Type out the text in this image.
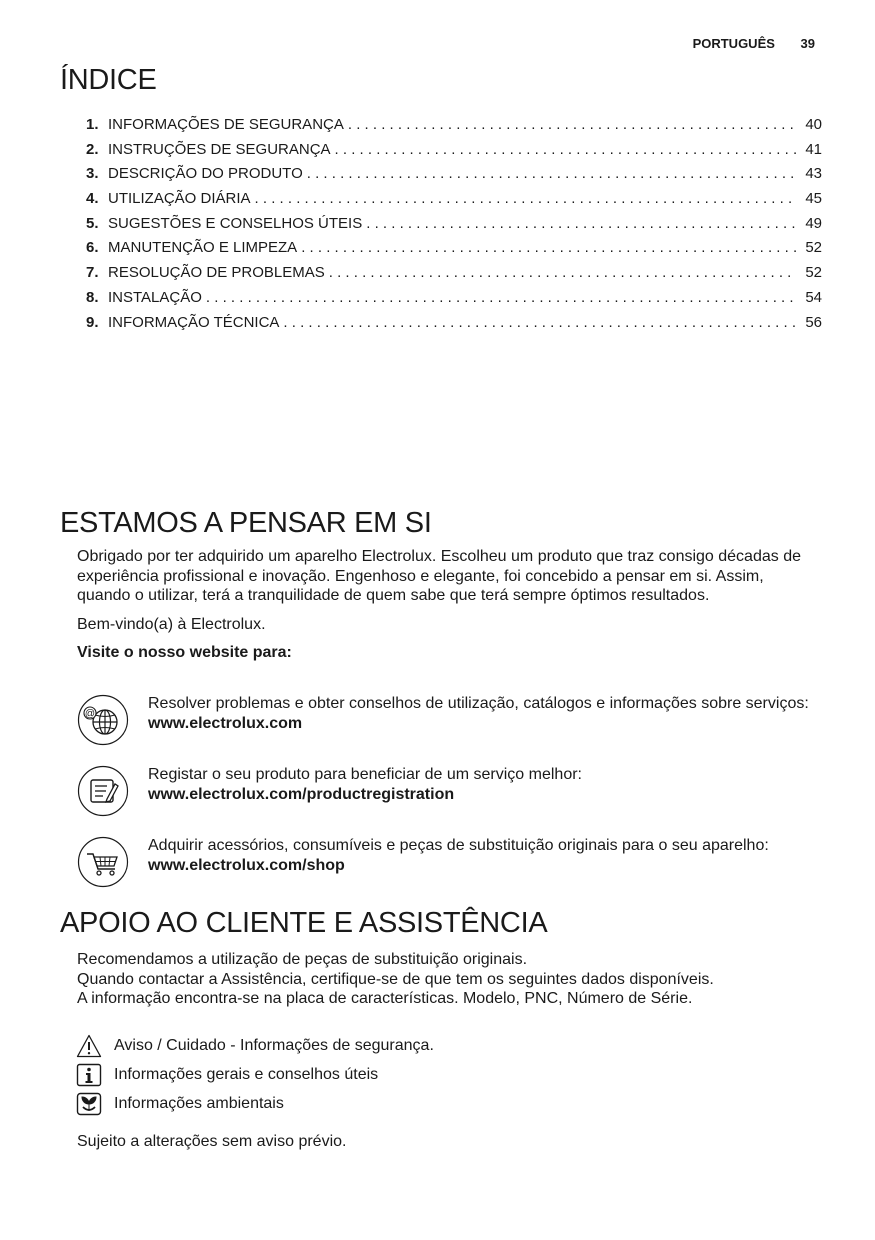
PORTUGUÊS 39
ÍNDICE
1. INFORMAÇÕES DE SEGURANÇA . . .	40
2. INSTRUÇÕES DE SEGURANÇA . . .	41
3. DESCRIÇÃO DO PRODUTO . . .	43
4. UTILIZAÇÃO DIÁRIA . . .	45
5. SUGESTÕES E CONSELHOS ÚTEIS . . .	49
6. MANUTENÇÃO E LIMPEZA . . .	52
7. RESOLUÇÃO DE PROBLEMAS . . .	52
8. INSTALAÇÃO . . .	54
9. INFORMAÇÃO TÉCNICA . . .	56
ESTAMOS A PENSAR EM SI

Obrigado por ter adquirido um aparelho Electrolux. Escolheu um produto que traz consigo décadas de experiência profissional e inovação. Engenhoso e elegante, foi concebido a pensar em si. Assim, quando o utilizar, terá a tranquilidade de quem sabe que terá sempre óptimos resultados.

Bem-vindo(a) à Electrolux.

Visite o nosso website para:

@
Resolver problemas e obter conselhos de utilização, catálogos e informações sobre serviços:
www.electrolux.com
Registar o seu produto para beneficiar de um serviço melhor:
www.electrolux.com/productregistration
Adquirir acessórios, consumíveis e peças de substituição originais para o seu aparelho:
www.electrolux.com/shop
APOIO AO CLIENTE E ASSISTÊNCIA
Recomendamos a utilização de peças de substituição originais.
Quando contactar a Assistência, certifique-se de que tem os seguintes dados disponíveis.
A informação encontra-se na placa de características. Modelo, PNC, Número de Série.
Aviso / Cuidado - Informações de segurança.
Informações gerais e conselhos úteis
Informações ambientais
Sujeito a alterações sem aviso prévio.
